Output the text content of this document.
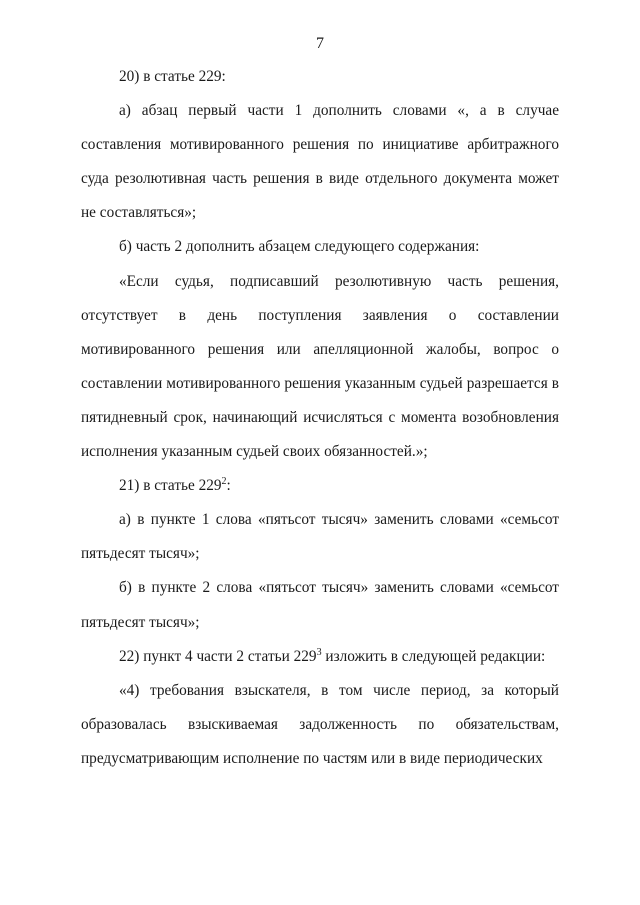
7

20) в статье 229:

а) абзац первый части 1 дополнить словами «, а в случае составления мотивированного решения по инициативе арбитражного суда резолютивная часть решения в виде отдельного документа может не составляться»;

б) часть 2 дополнить абзацем следующего содержания:

«Если судья, подписавший резолютивную часть решения, отсутствует в день поступления заявления о составлении мотивированного решения или апелляционной жалобы, вопрос о составлении мотивированного решения указанным судьей разрешается в пятидневный срок, начинающий исчисляться с момента возобновления исполнения указанным судьей своих обязанностей.»;

21) в статье $229^2$:

а) в пункте 1 слова «пятьсот тысяч» заменить словами «семьсот пятьдесят тысяч»;

б) в пункте 2 слова «пятьсот тысяч» заменить словами «семьсот пятьдесят тысяч»;

22) пункт 4 части 2 статьи $229^3$ изложить в следующей редакции:

«4) требования взыскателя, в том числе период, за который образовалась взыскиваемая задолженность по обязательствам, предусматривающим исполнение по частям или в виде периодических
